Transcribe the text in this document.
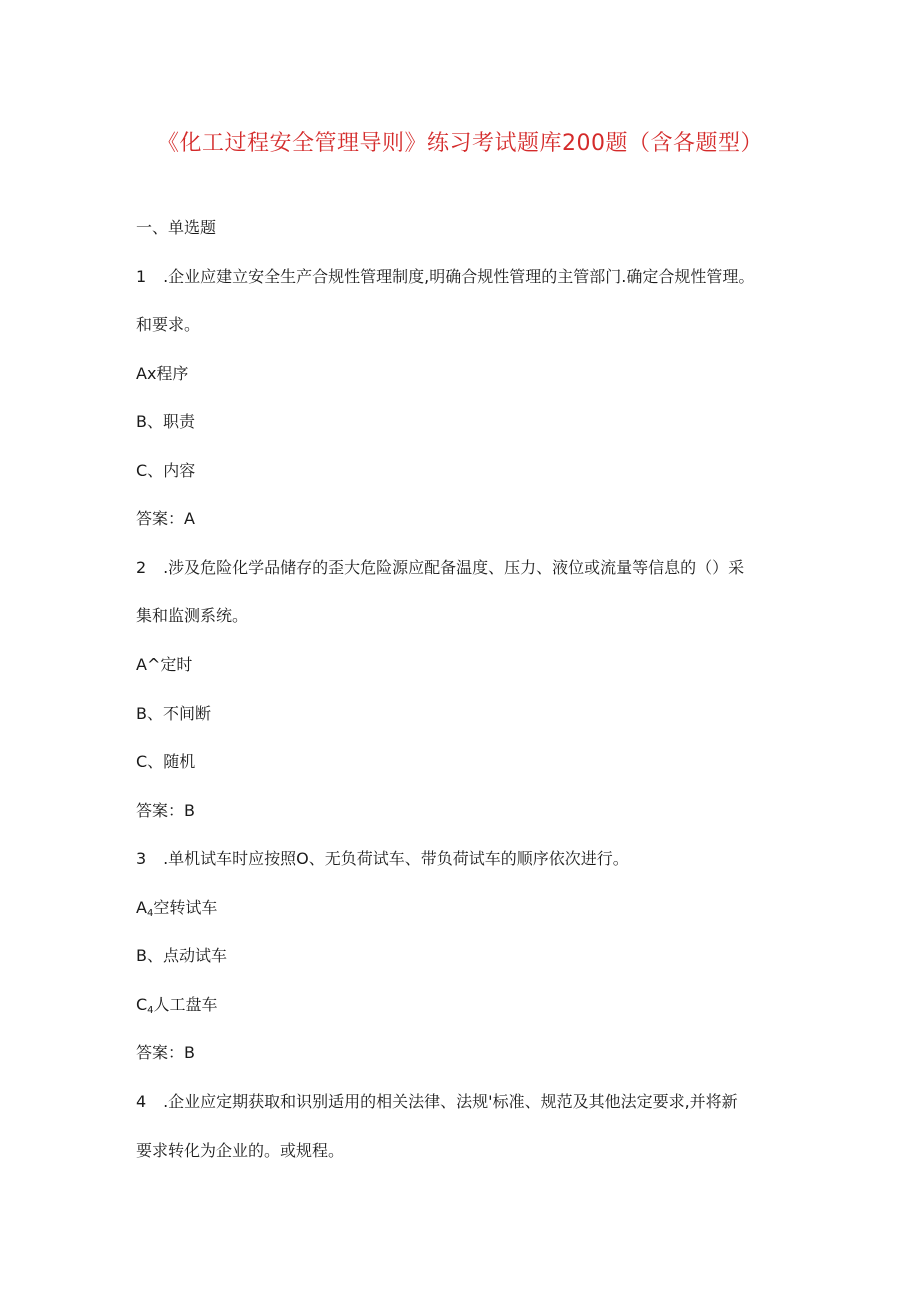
《化工过程安全管理导则》练习考试题库200题（含各题型）

一、单选题

1 .企业应建立安全生产合规性管理制度,明确合规性管理的主管部门.确定合规性管理。

和要求。

Ax程序

B、职责

C、内容

答案：A

2 .涉及危险化学品储存的歪大危险源应配备温度、压力、液位或流量等信息的（）采

集和监测系统。

A^定时

B、不间断

C、随机

答案：B

3 .单机试车时应按照O、无负荷试车、带负荷试车的顺序依次进行。

$A_4$空转试车

B、点动试车

$C_4$人工盘车

答案：B

4 .企业应定期获取和识别适用的相关法律、法规'标准、规范及其他法定要求,并将新

要求转化为企业的。或规程。
